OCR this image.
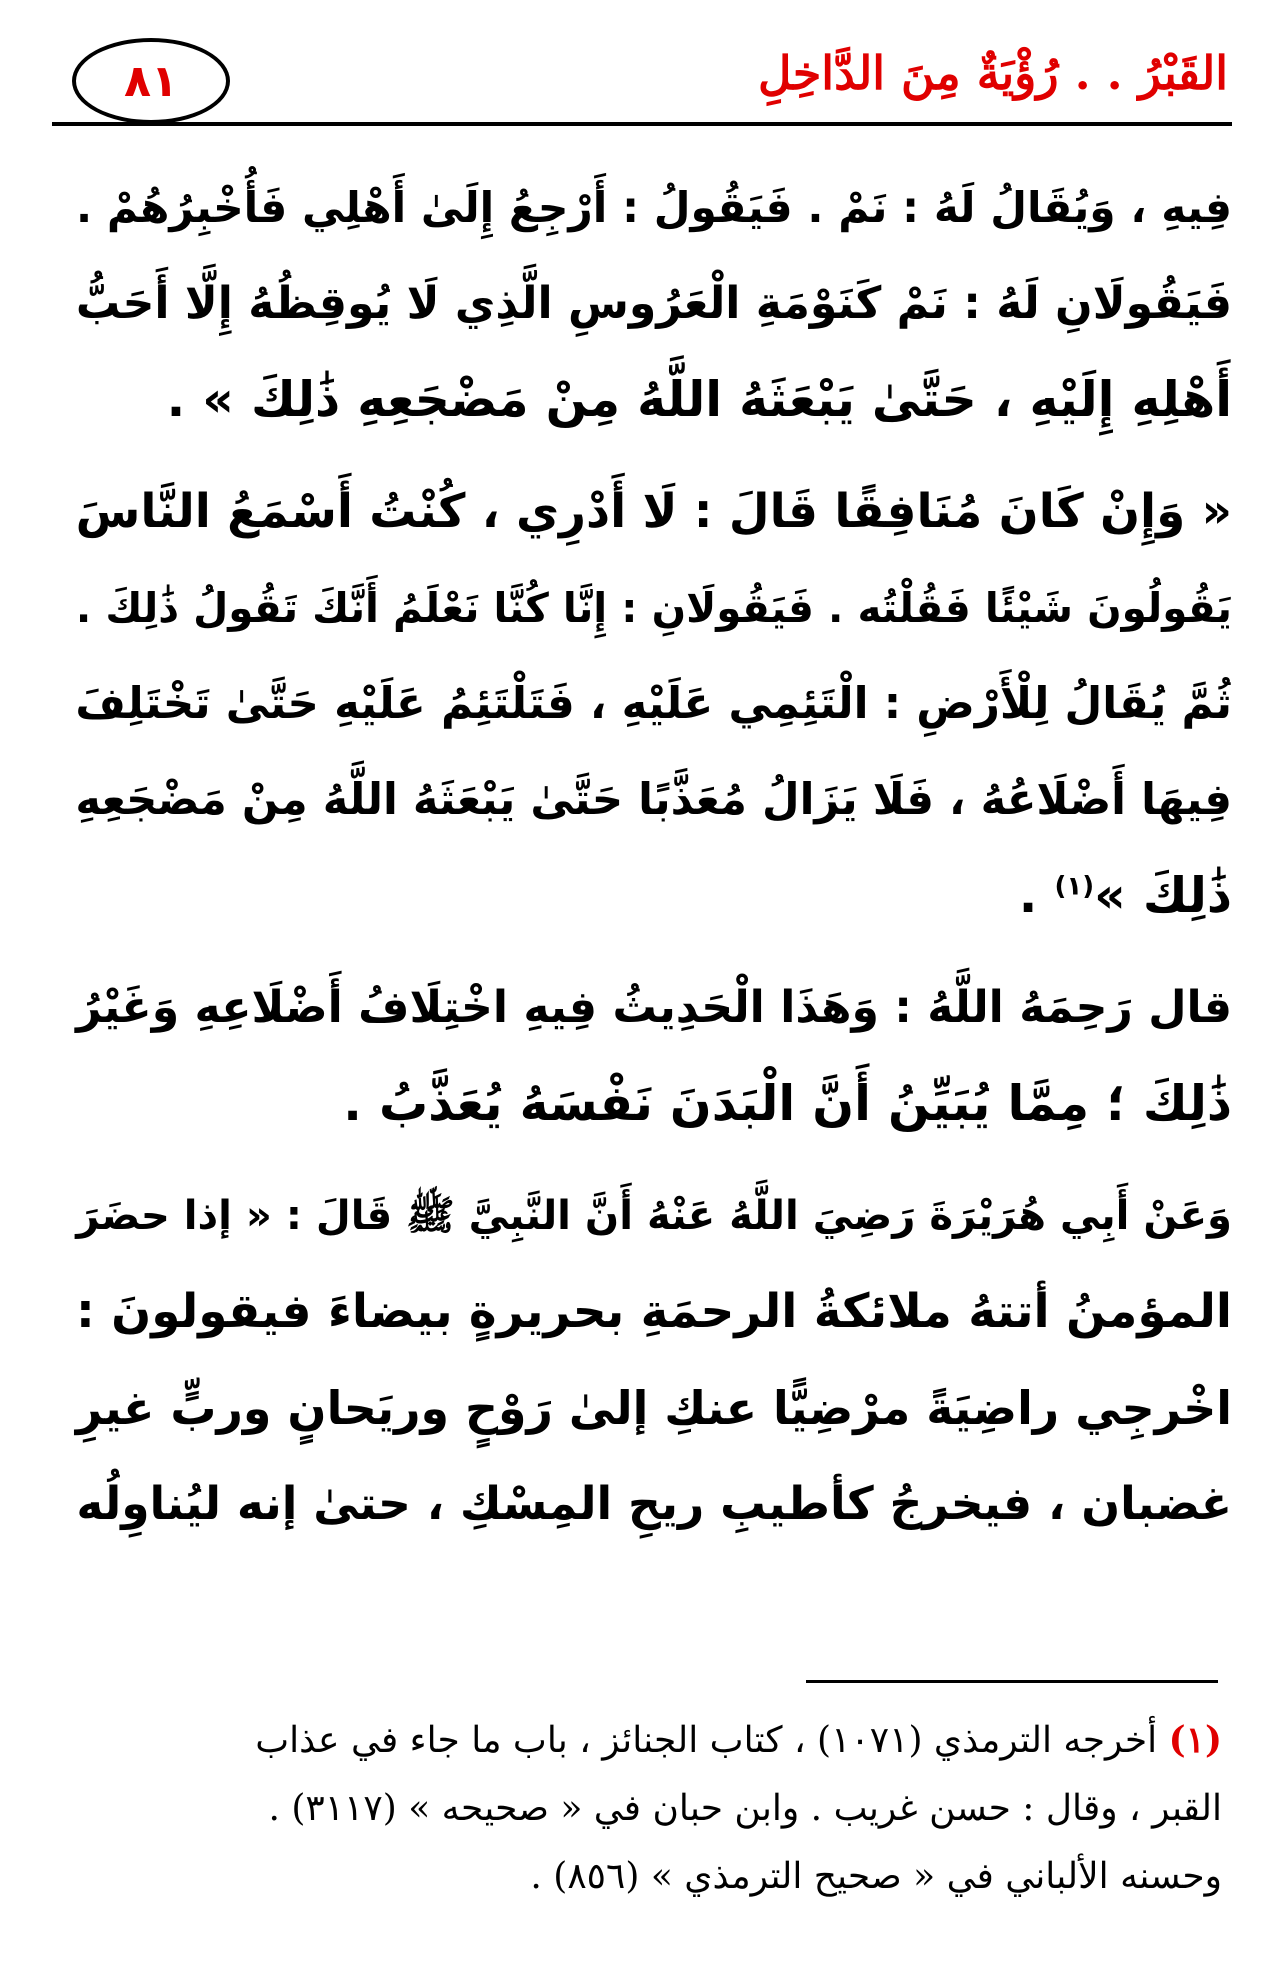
٨١	القَبْرُ . . رُؤْيَةٌ مِنَ الدَّاخِلِ

فِيهِ ، وَيُقَالُ لَهُ : نَمْ . فَيَقُولُ : أَرْجِعُ إِلَىٰ أَهْلِي فَأُخْبِرُهُمْ .
فَيَقُولَانِ لَهُ : نَمْ كَنَوْمَةِ الْعَرُوسِ الَّذِي لَا يُوقِظُهُ إِلَّا أَحَبُّ
أَهْلِهِ إِلَيْهِ ، حَتَّىٰ يَبْعَثَهُ اللَّهُ مِنْ مَضْجَعِهِ ذَٰلِكَ » .

« وَإِنْ كَانَ مُنَافِقًا قَالَ : لَا أَدْرِي ، كُنْتُ أَسْمَعُ النَّاسَ
يَقُولُونَ شَيْئًا فَقُلْتُه . فَيَقُولَانِ : إِنَّا كُنَّا نَعْلَمُ أَنَّكَ تَقُولُ ذَٰلِكَ .
ثُمَّ يُقَالُ لِلْأَرْضِ : الْتَئِمِي عَلَيْهِ ، فَتَلْتَئِمُ عَلَيْهِ حَتَّىٰ تَخْتَلِفَ
فِيهَا أَضْلَاعُهُ ، فَلَا يَزَالُ مُعَذَّبًا حَتَّىٰ يَبْعَثَهُ اللَّهُ مِنْ مَضْجَعِهِ
ذَٰلِكَ »$^{(١)}$ .

قال رَحِمَهُ اللَّهُ : وَهَذَا الْحَدِيثُ فِيهِ اخْتِلَافُ أَضْلَاعِهِ وَغَيْرُ
ذَٰلِكَ ؛ مِمَّا يُبَيِّنُ أَنَّ الْبَدَنَ نَفْسَهُ يُعَذَّبُ .

وَعَنْ أَبِي هُرَيْرَةَ رَضِيَ اللَّهُ عَنْهُ أَنَّ النَّبِيَّ ﷺ قَالَ : « إذا حضَرَ
المؤمنُ أتتهُ ملائكةُ الرحمَةِ بحريرةٍ بيضاءَ فيقولونَ :
اخْرجِي راضِيَةً مرْضِيًّا عنكِ إلىٰ رَوْحٍ وريَحانٍ وربٍّ غيرِ
غضبان ، فيخرجُ كأطيبِ ريحِ المِسْكِ ، حتىٰ إنه ليُناوِلُه

(١) أخرجه الترمذي (١٠٧١) ، كتاب الجنائز ، باب ما جاء في عذاب
القبر ، وقال : حسن غريب . وابن حبان في « صحيحه » (٣١١٧) .
وحسنه الألباني في « صحيح الترمذي » (٨٥٦) .
